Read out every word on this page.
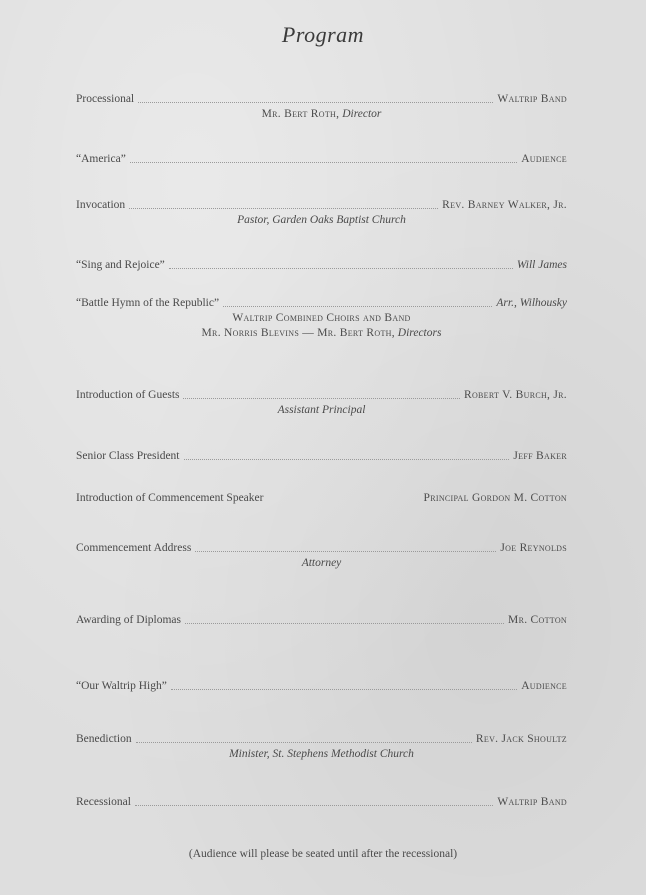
Program
Processional	Waltrip Band
Mr. Bert Roth, Director
“America”	Audience
Invocation	Rev. Barney Walker, Jr.
Pastor, Garden Oaks Baptist Church
“Sing and Rejoice”	Will James
“Battle Hymn of the Republic”	Arr., Wilhousky
Waltrip Combined Choirs and Band
Mr. Norris Blevins — Mr. Bert Roth, Directors
Introduction of Guests	Robert V. Burch, Jr.
Assistant Principal
Senior Class President	Jeff Baker
Introduction of Commencement Speaker	Principal Gordon M. Cotton
Commencement Address	Joe Reynolds
Attorney
Awarding of Diplomas	Mr. Cotton
“Our Waltrip High”	Audience
Benediction	Rev. Jack Shoultz
Minister, St. Stephens Methodist Church
Recessional	Waltrip Band
(Audience will please be seated until after the recessional)
